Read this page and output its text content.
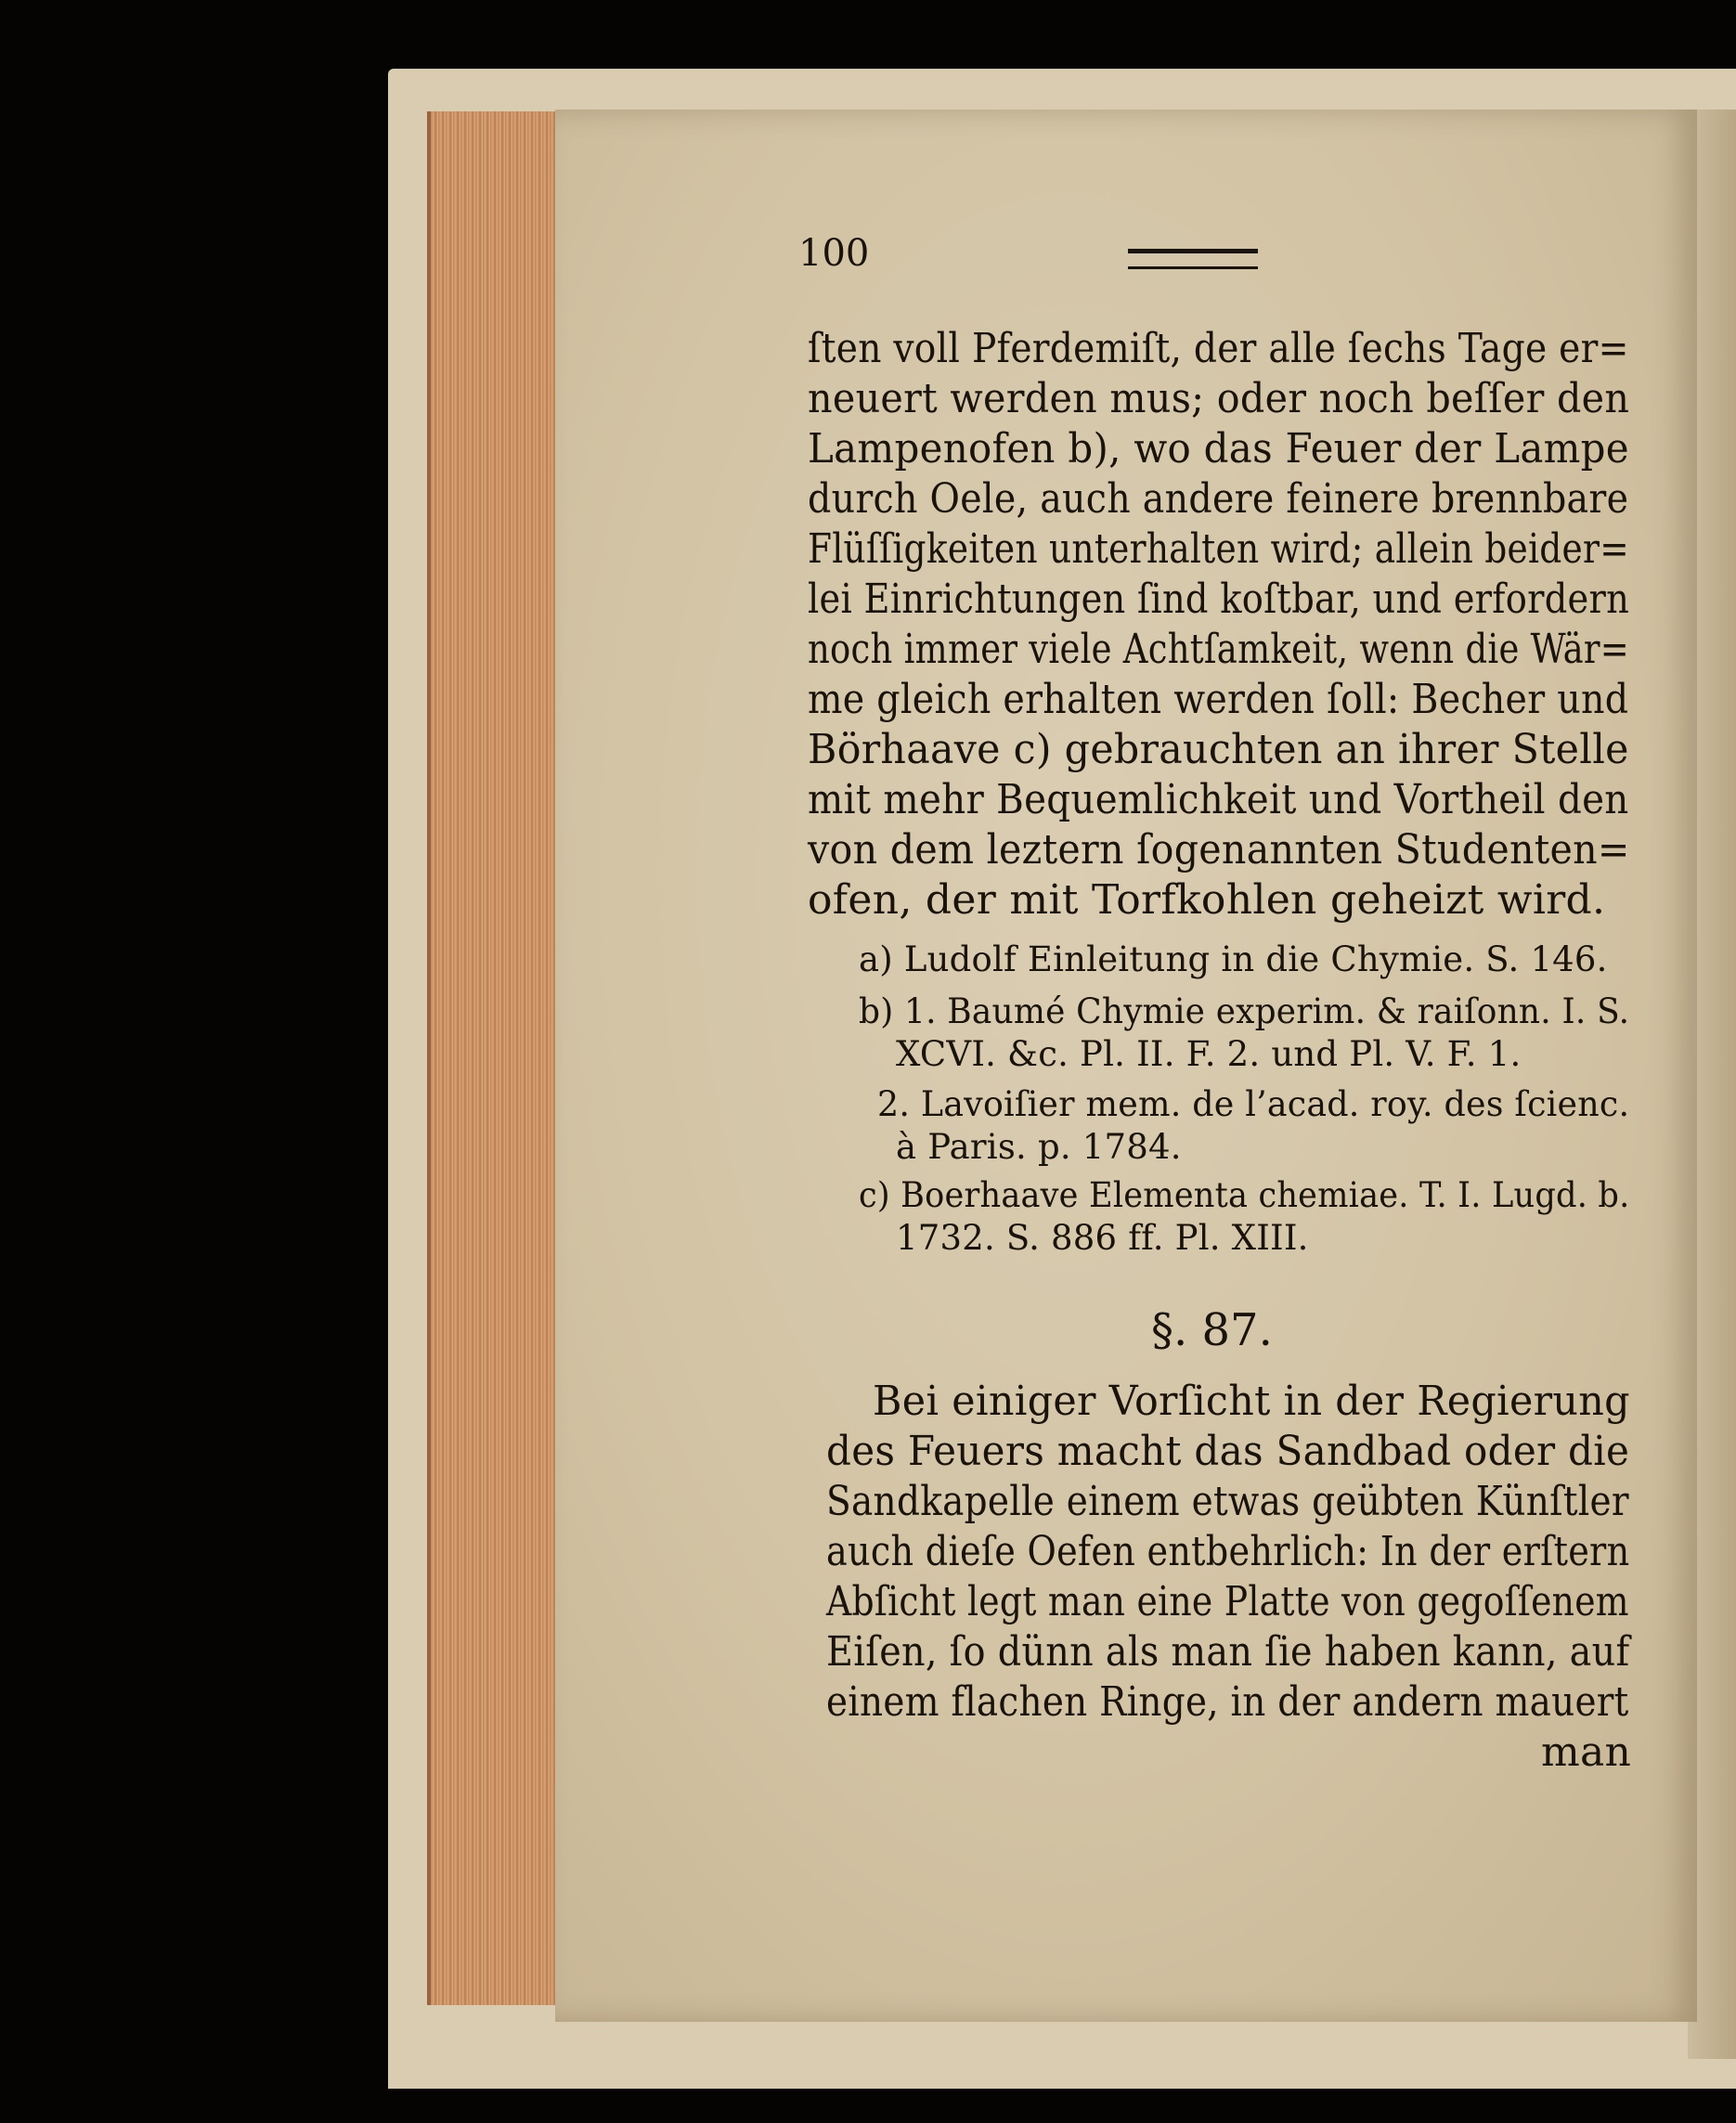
100
ſten voll Pferdemiſt, der alle ſechs Tage er=
neuert werden mus; oder noch beſſer den
Lampenofen b), wo das Feuer der Lampe
durch Oele, auch andere feinere brennbare
Flüſſigkeiten unterhalten wird; allein beider=
lei Einrichtungen ſind koſtbar, und erfordern
noch immer viele Achtſamkeit, wenn die Wär=
me gleich erhalten werden ſoll: Becher und
Börhaave c) gebrauchten an ihrer Stelle
mit mehr Bequemlichkeit und Vortheil den
von dem leztern ſogenannten Studenten=
ofen, der mit Torfkohlen geheizt wird.
a) Ludolf Einleitung in die Chymie. S. 146.
b) 1. Baumé Chymie experim. & raiſonn. I. S.
XCVI. &c. Pl. II. F. 2. und Pl. V. F. 1.
2. Lavoiſier mem. de l’acad. roy. des ſcienc.
à Paris. p. 1784.
c) Boerhaave Elementa chemiae. T. I. Lugd. b.
1732. S. 886 ff. Pl. XIII.
§. 87.
Bei einiger Vorſicht in der Regierung
des Feuers macht das Sandbad oder die
Sandkapelle einem etwas geübten Künſtler
auch dieſe Oefen entbehrlich: In der erſtern
Abſicht legt man eine Platte von gegoſſenem
Eiſen, ſo dünn als man ſie haben kann, auf
einem flachen Ringe, in der andern mauert
man
